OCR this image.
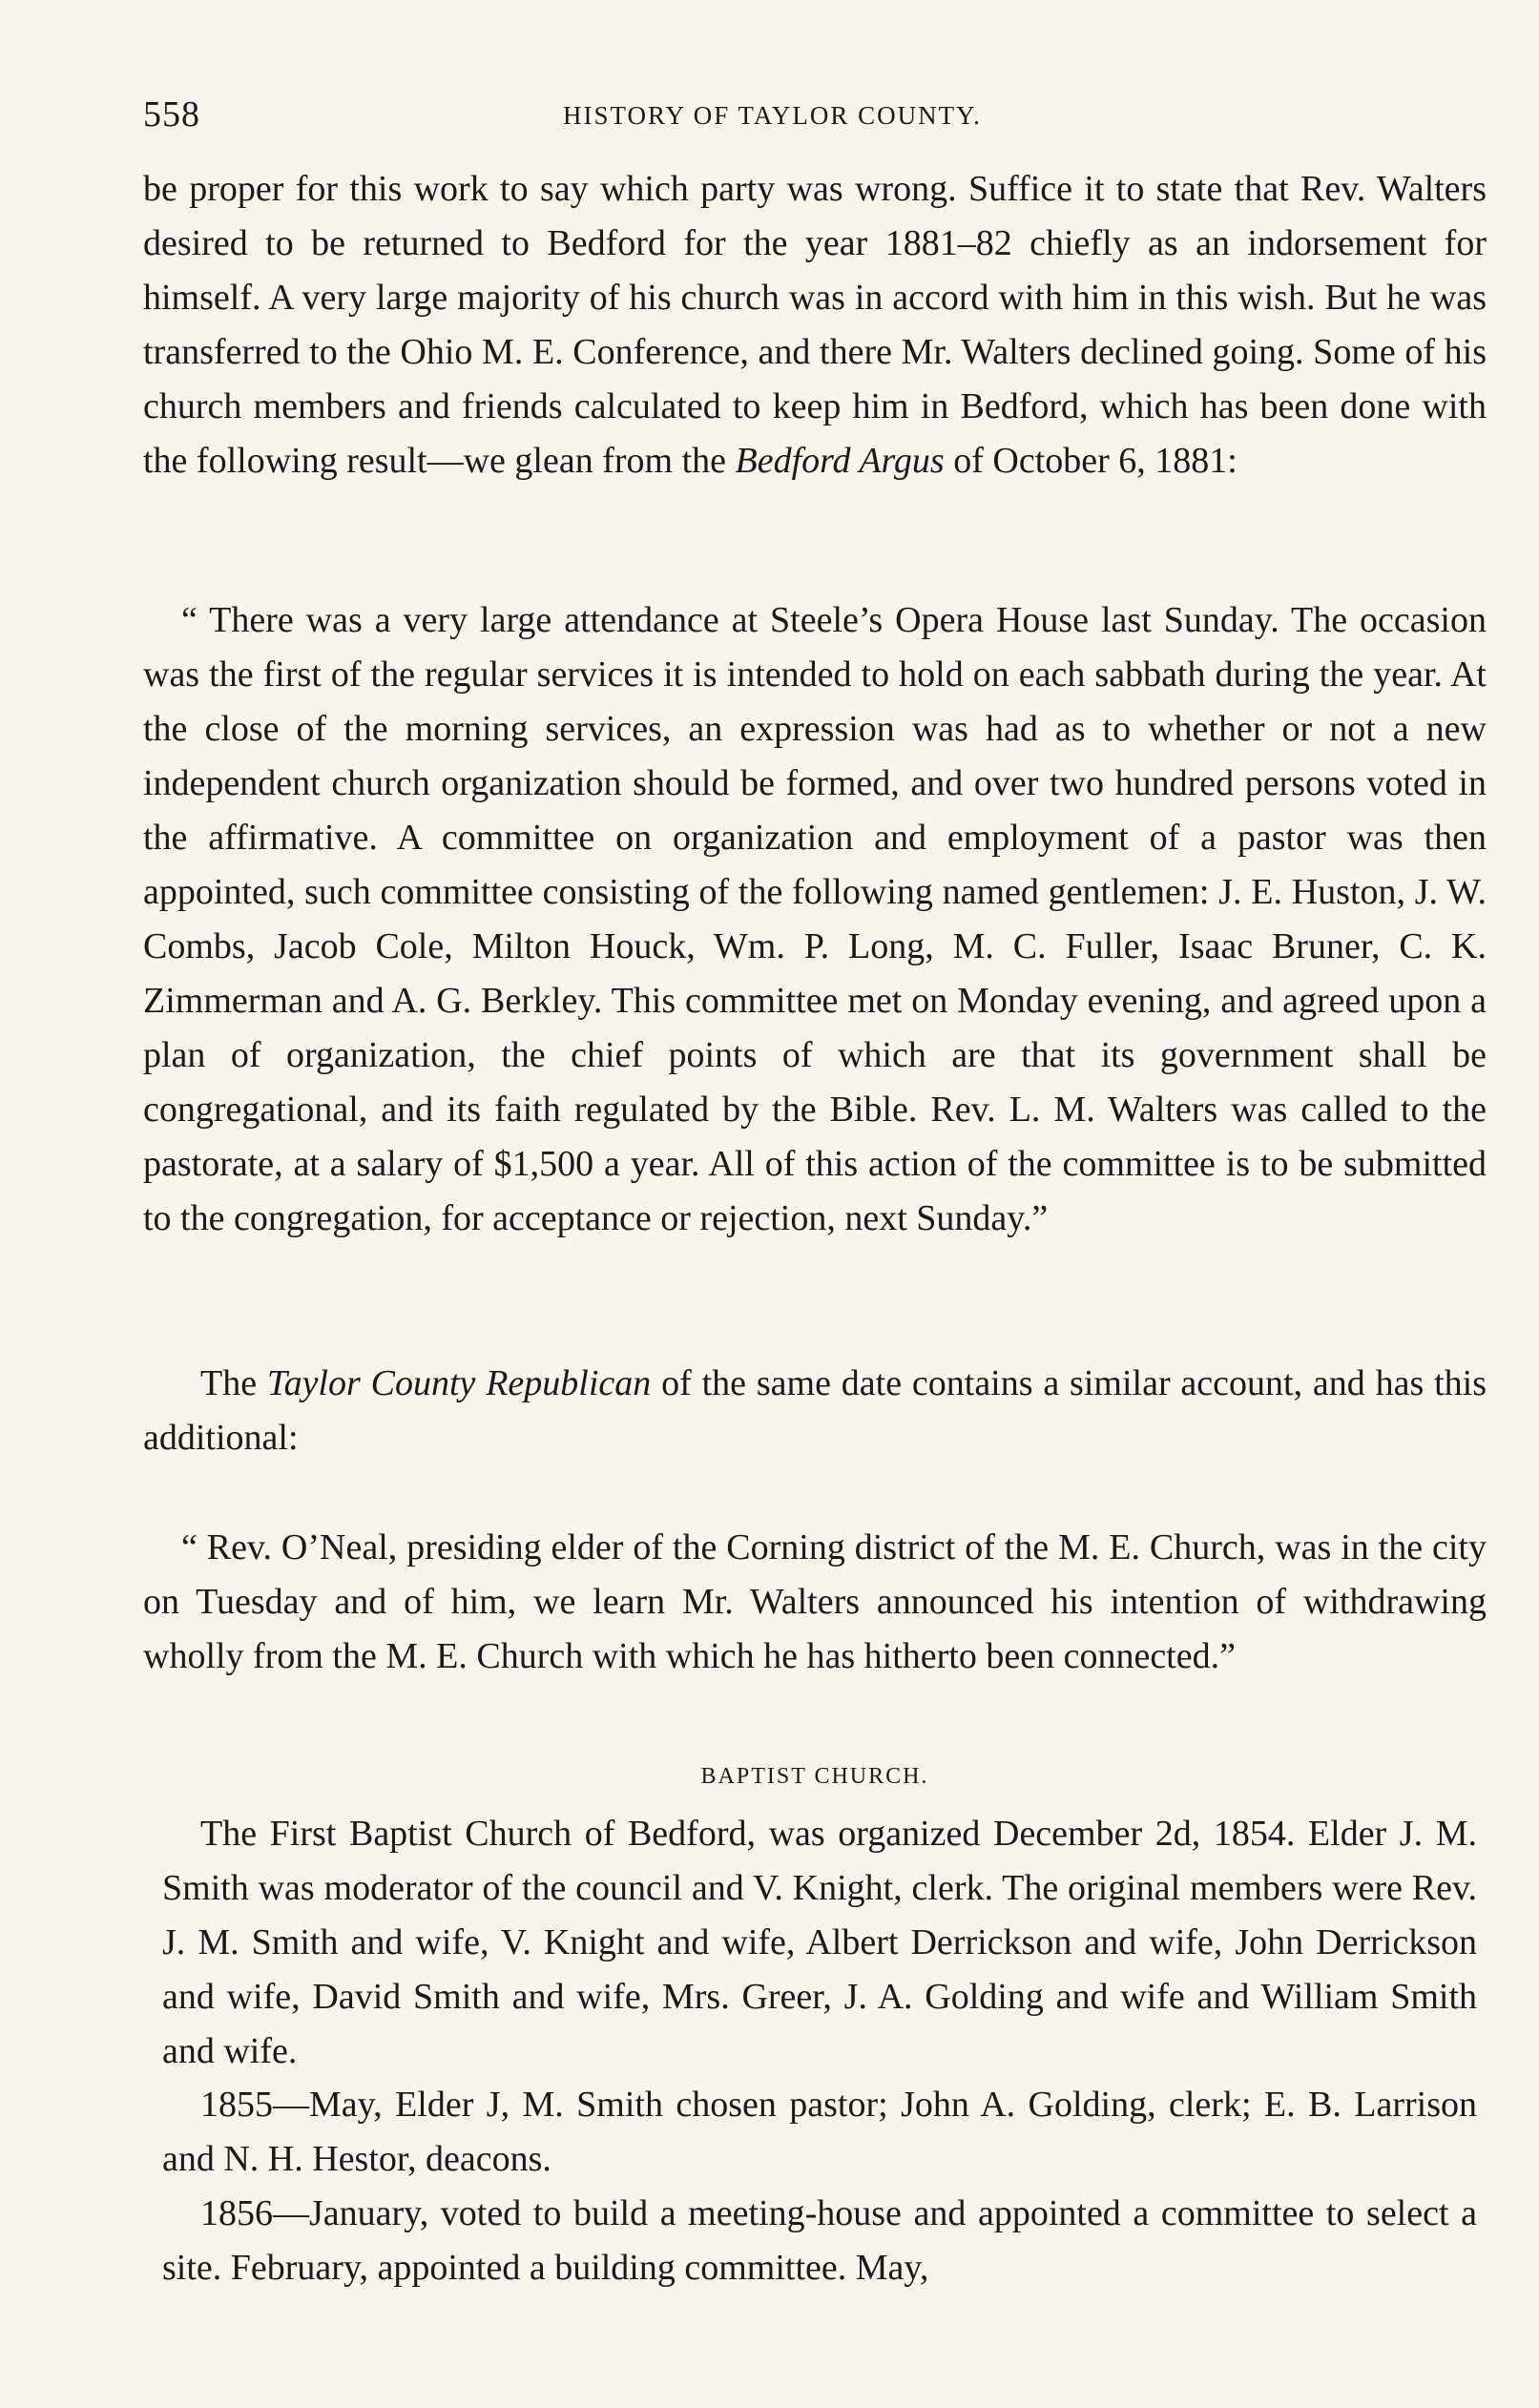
558	HISTORY OF TAYLOR COUNTY.

be proper for this work to say which party was wrong. Suffice it to state that Rev. Walters desired to be returned to Bedford for the year 1881–82 chiefly as an indorsement for himself. A very large majority of his church was in accord with him in this wish. But he was transferred to the Ohio M. E. Conference, and there Mr. Walters declined going. Some of his church members and friends calculated to keep him in Bedford, which has been done with the following result—we glean from the Bedford Argus of October 6, 1881:

“ There was a very large attendance at Steele’s Opera House last Sunday. The occasion was the first of the regular services it is intended to hold on each sabbath during the year. At the close of the morning services, an expression was had as to whether or not a new independent church organization should be formed, and over two hundred persons voted in the affirmative. A committee on organization and employment of a pastor was then appointed, such committee consisting of the following named gentlemen: J. E. Huston, J. W. Combs, Jacob Cole, Milton Houck, Wm. P. Long, M. C. Fuller, Isaac Bruner, C. K. Zimmerman and A. G. Berkley. This committee met on Monday evening, and agreed upon a plan of organization, the chief points of which are that its government shall be congregational, and its faith regulated by the Bible. Rev. L. M. Walters was called to the pastorate, at a salary of $1,500 a year. All of this action of the committee is to be submitted to the congregation, for acceptance or rejection, next Sunday.”

The Taylor County Republican of the same date contains a similar account, and has this additional:

“ Rev. O’Neal, presiding elder of the Corning district of the M. E. Church, was in the city on Tuesday and of him, we learn Mr. Walters announced his intention of withdrawing wholly from the M. E. Church with which he has hitherto been connected.”

BAPTIST CHURCH.

The First Baptist Church of Bedford, was organized December 2d, 1854. Elder J. M. Smith was moderator of the council and V. Knight, clerk. The original members were Rev. J. M. Smith and wife, V. Knight and wife, Albert Derrickson and wife, John Derrickson and wife, David Smith and wife, Mrs. Greer, J. A. Golding and wife and William Smith and wife.

1855—May, Elder J, M. Smith chosen pastor; John A. Golding, clerk; E. B. Larrison and N. H. Hestor, deacons.

1856—January, voted to build a meeting-house and appointed a committee to select a site. February, appointed a building committee. May,
